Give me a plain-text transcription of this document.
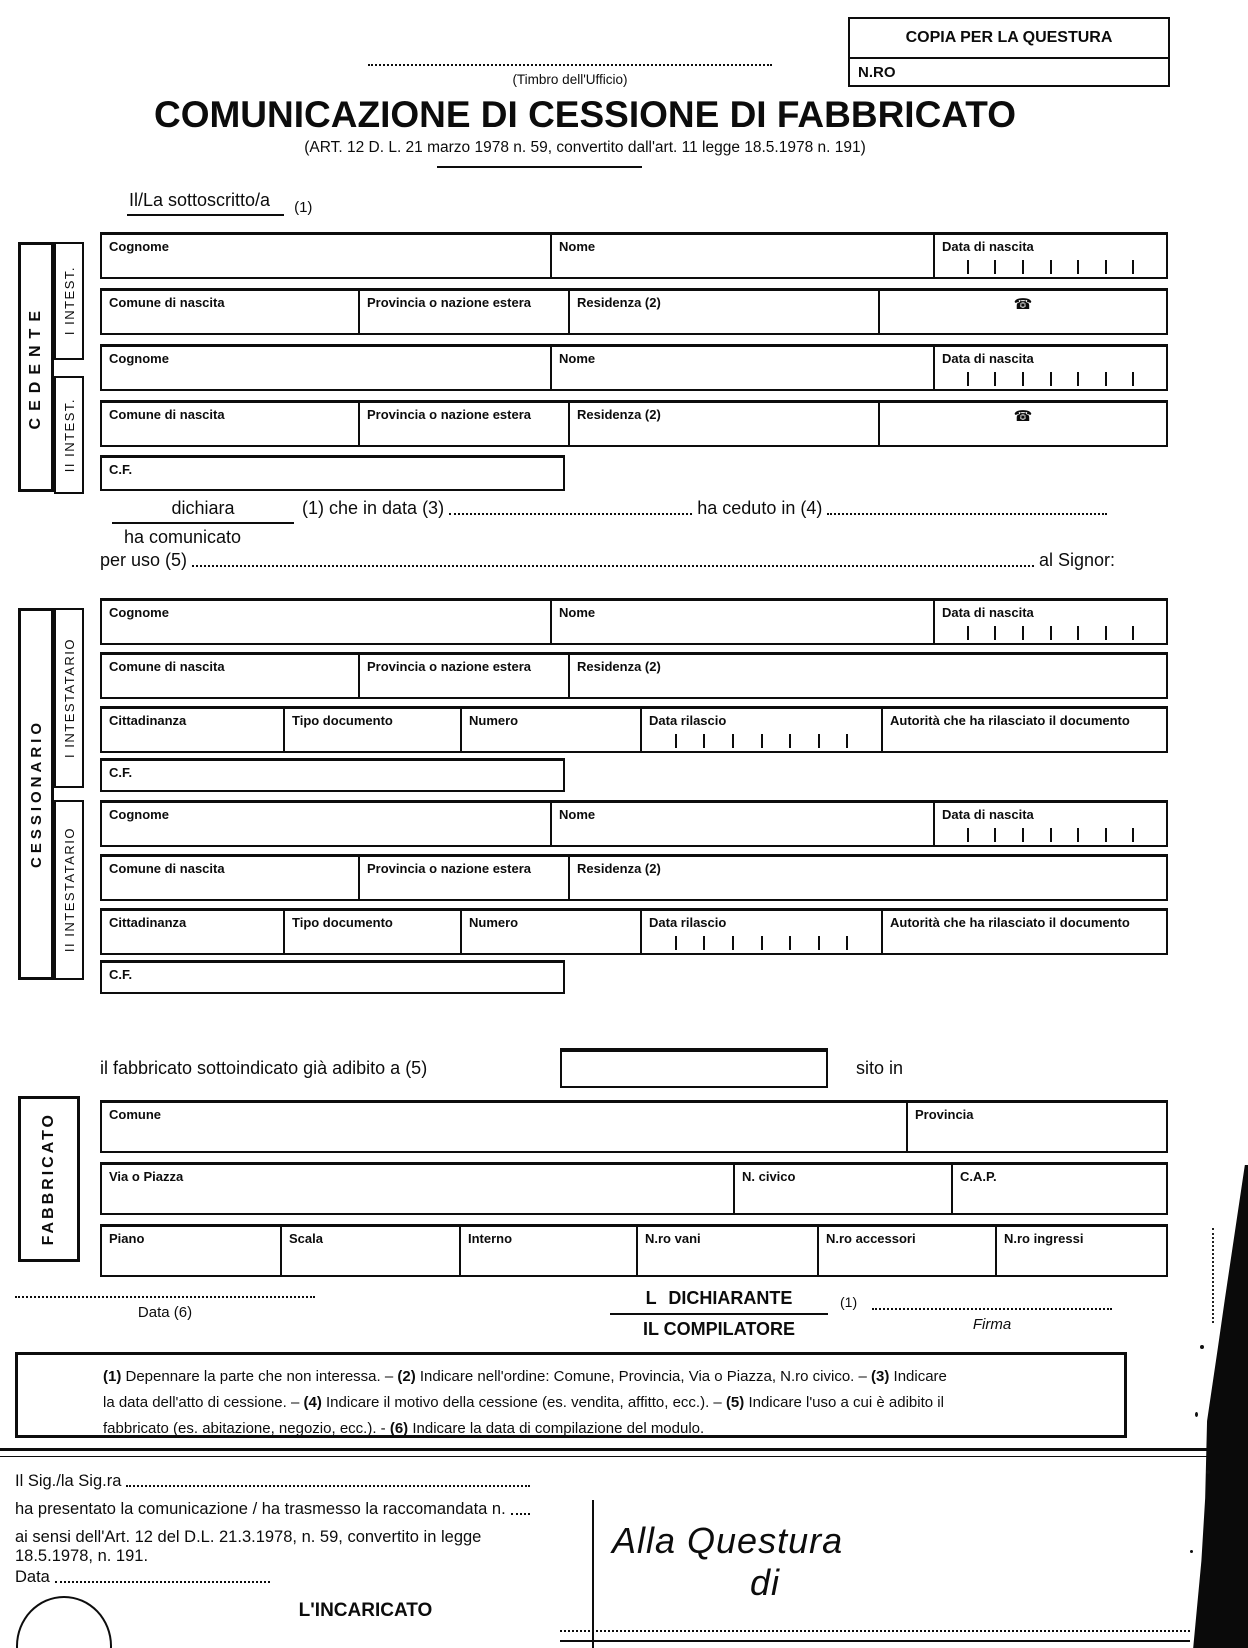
COPIA PER LA QUESTURA
N.RO
(Timbro dell'Ufficio)
COMUNICAZIONE DI CESSIONE DI FABBRICATO
(ART. 12 D. L. 21 marzo 1978 n. 59, convertito dall'art. 11 legge 18.5.1978 n. 191)
Il/La sottoscritto/a	(1)
CEDENTE
I INTEST.
II INTEST.
Cognome	Nome	Data di nascita
Comune di nascita	Provincia o nazione estera	Residenza (2)	☎
Cognome	Nome	Data di nascita
Comune di nascita	Provincia o nazione estera	Residenza (2)	☎
C.F.
dichiara
ha comunicato
(1) che in data (3)	ha ceduto in (4)
per uso (5)	al Signor:
CESSIONARIO
I INTESTATARIO
II INTESTATARIO
Cognome	Nome	Data di nascita
Comune di nascita	Provincia o nazione estera	Residenza (2)
Cittadinanza	Tipo documento	Numero	Data rilascio	Autorità che ha rilasciato il documento
C.F.
Cognome	Nome	Data di nascita
Comune di nascita	Provincia o nazione estera	Residenza (2)
Cittadinanza	Tipo documento	Numero	Data rilascio	Autorità che ha rilasciato il documento
C.F.
il fabbricato sottoindicato già adibito a (5)	sito in
FABBRICATO	Comune	Provincia
Via o Piazza	N. civico	C.A.P.
Piano	Scala	Interno	N.ro vani	N.ro accessori	N.ro ingressi
Data (6)
L DICHIARANTE
IL COMPILATORE
(1)
Firma
(1) Depennare la parte che non interessa. – (2) Indicare nell'ordine: Comune, Provincia, Via o Piazza, N.ro civico. – (3) Indicare
la data dell'atto di cessione. – (4) Indicare il motivo della cessione (es. vendita, affitto, ecc.). – (5) Indicare l'uso a cui è adibito il
fabbricato (es. abitazione, negozio, ecc.). - (6) Indicare la data di compilazione del modulo.
Il Sig./la Sig.ra
ha presentato la comunicazione / ha trasmesso la raccomandata n.
ai sensi dell'Art. 12 del D.L. 21.3.1978, n. 59, convertito in legge 18.5.1978, n. 191.
Data
L'INCARICATO
Alla Questura
di
